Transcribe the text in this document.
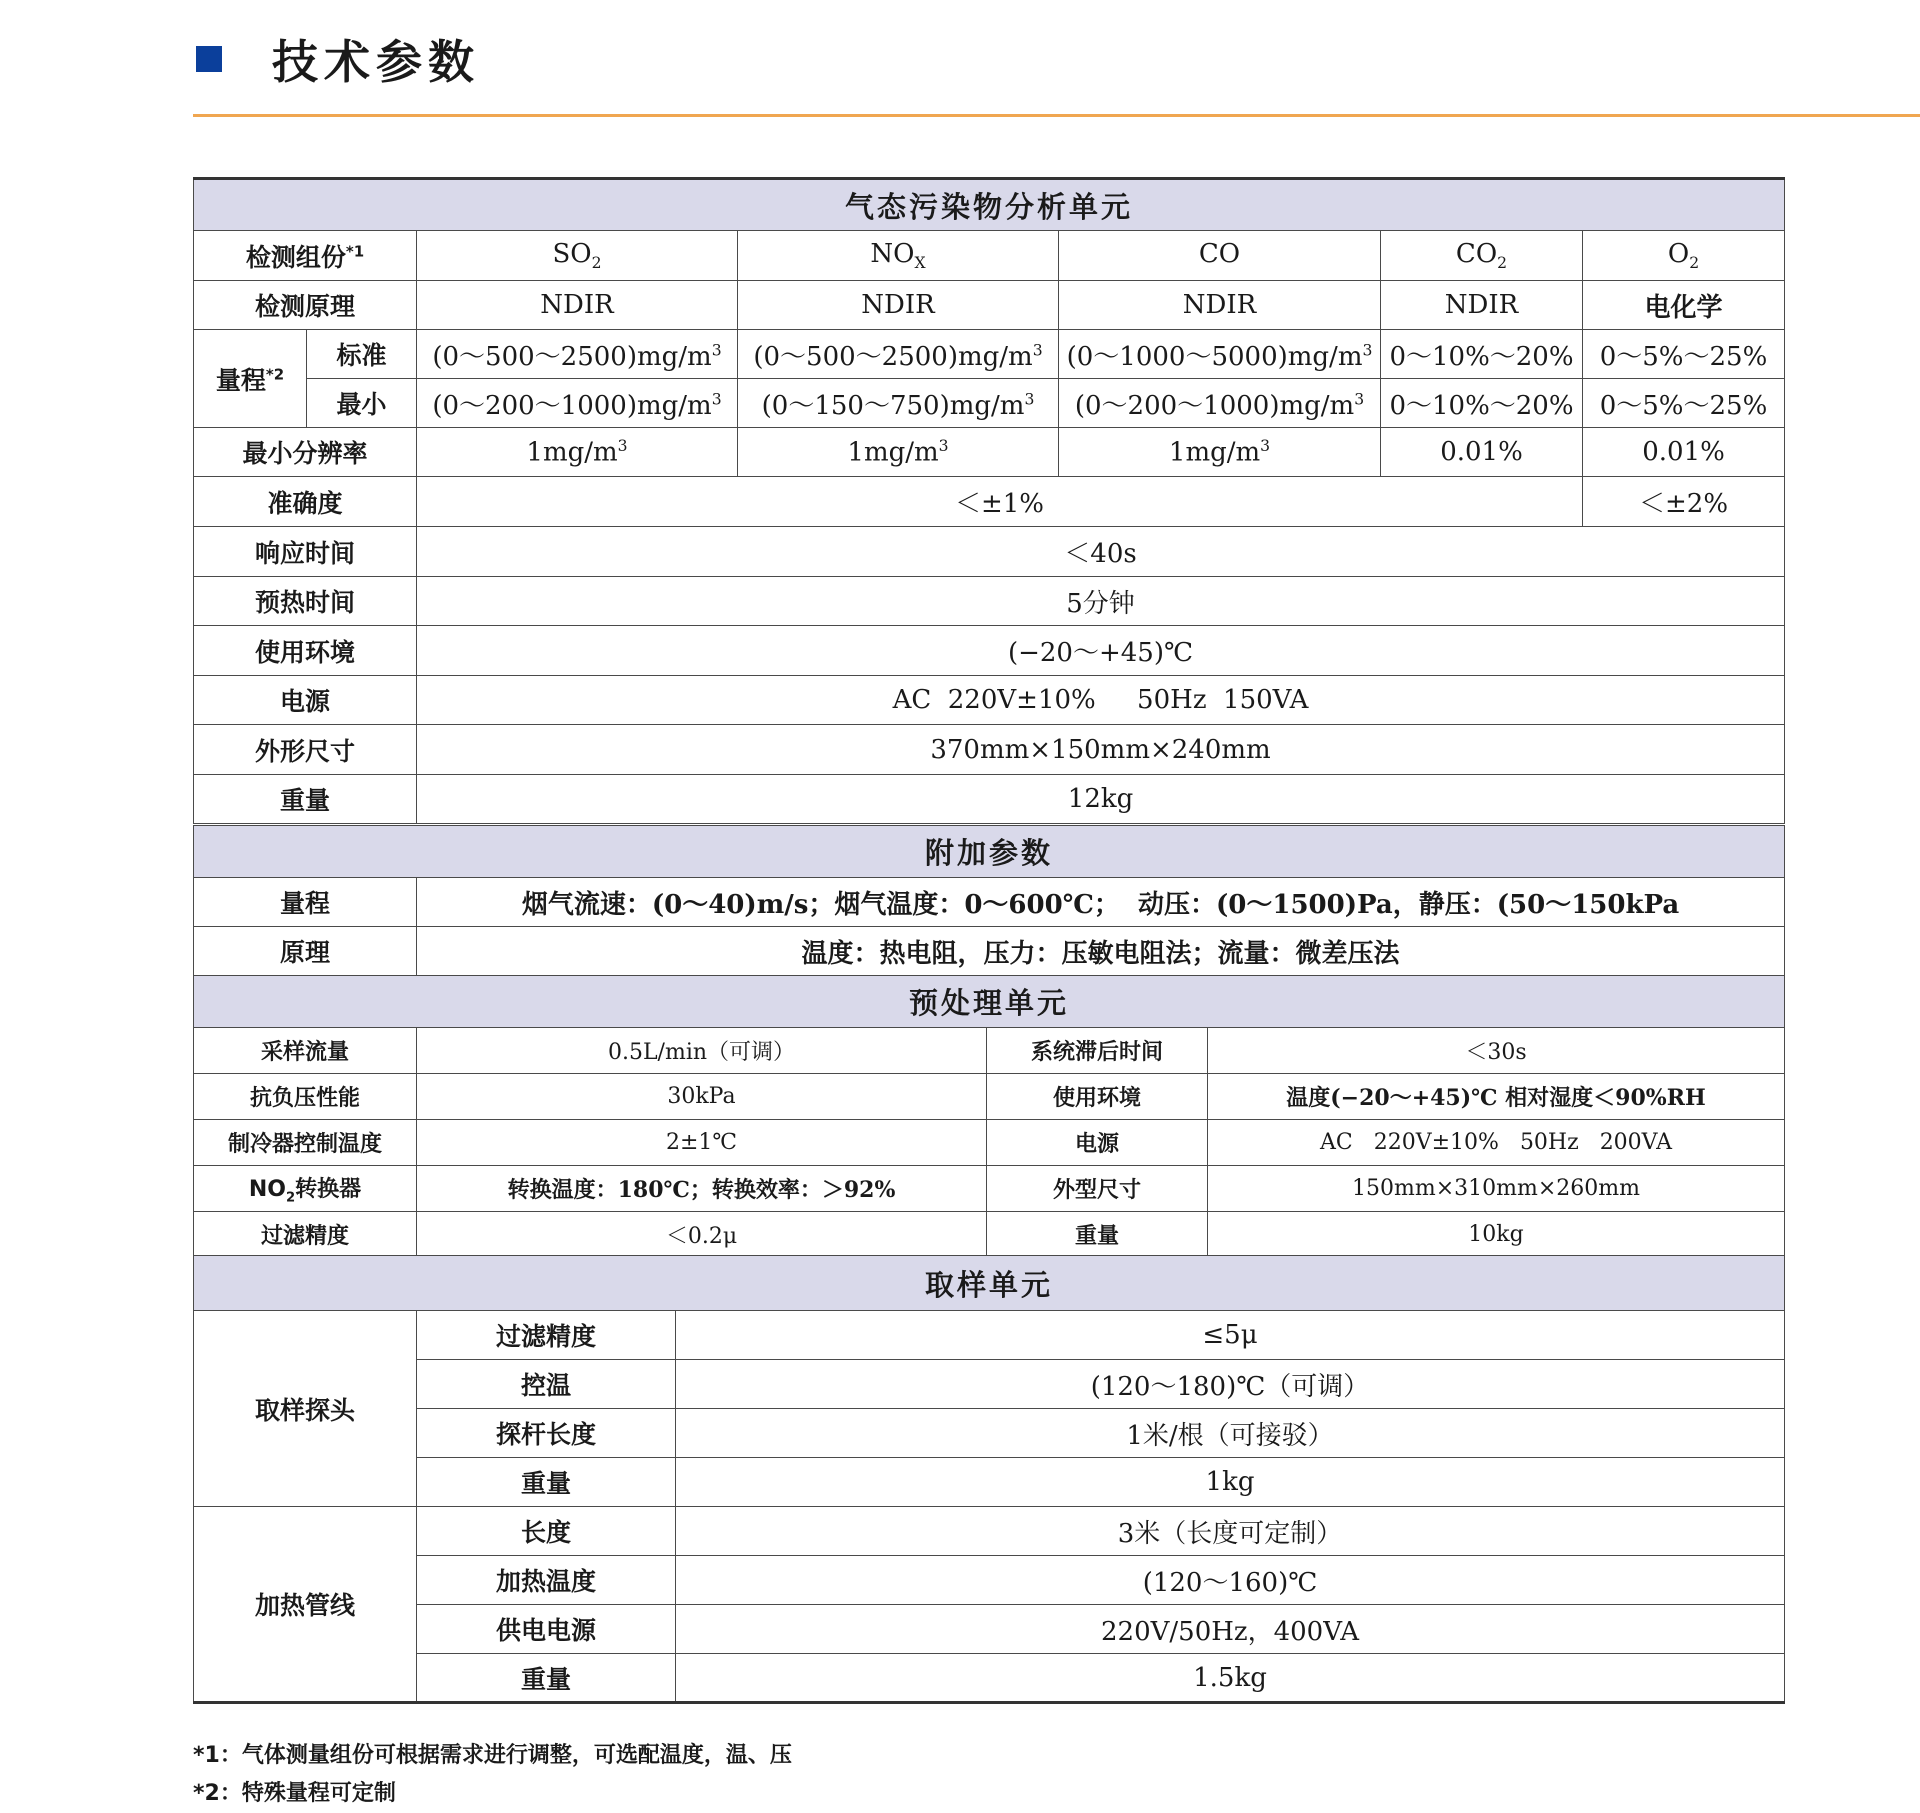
技术参数
气态污染物分析单元						
检测组份$^{*1}$		$SO_2$	$NO_X$	CO	$CO_2$	$O_2$
检测原理		NDIR	NDIR	NDIR	NDIR	电化学
量程$^{*2}$	标准	$(0\sim 500\sim 2500)mg/m^3$	$(0\sim 500\sim 2500)mg/m^3$	$(0\sim 1000\sim 5000)mg/m^3$	0～10%～20%	0～5%～25%
	最小	$(0\sim 200\sim 1000)mg/m^3$	$(0\sim 150\sim 750)mg/m^3$	$(0\sim 200\sim 1000)mg/m^3$	0～10%～20%	0～5%～25%
最小分辨率		$1mg/m^3$	$1mg/m^3$	$1mg/m^3$	0.01%	0.01%
准确度		＜±1%				＜±2%
响应时间		＜40s				
预热时间		5分钟				
使用环境		(−20～+45)℃				
电源		AC  220V±10%     50Hz  150VA				
外形尺寸		370mm×150mm×240mm				
重量		12kg				
附加参数	
量程	烟气流速：(0～40)m/s；烟气温度：0～600℃；  动压：(0～1500)Pa，静压：(50～150kPa
原理	温度：热电阻，压力：压敏电阻法；流量：微差压法
预处理单元			
采样流量	0.5L/min（可调）	系统滞后时间	＜30s
抗负压性能	30kPa	使用环境	温度(−20～+45)℃ 相对湿度＜90%RH
制冷器控制温度	2±1℃	电源	AC   220V±10%   50Hz   200VA
$NO_2$转换器	转换温度：180℃；转换效率：＞92%	外型尺寸	150mm×310mm×260mm
过滤精度	＜0.2μ	重量	10kg
取样单元		
取样探头	过滤精度	≤5μ
	控温	(120～180)℃（可调）
	探杆长度	1米/根（可接驳）
	重量	1kg
加热管线	长度	3米（长度可定制）
	加热温度	(120～160)℃
	供电电源	220V/50Hz，400VA
	重量	1.5kg
*1：气体测量组份可根据需求进行调整，可选配温度，温、压
*2：特殊量程可定制
